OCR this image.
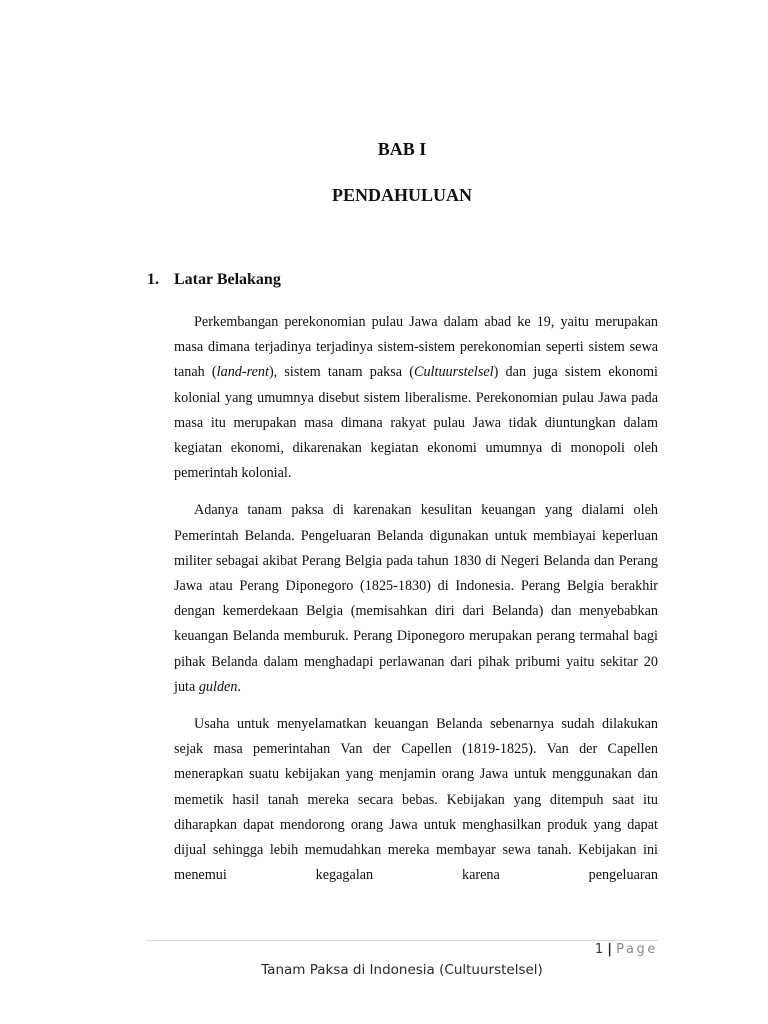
BAB I
PENDAHULUAN
1. Latar Belakang

Perkembangan perekonomian pulau Jawa dalam abad ke 19, yaitu merupakan masa dimana terjadinya terjadinya sistem-sistem perekonomian seperti sistem sewa tanah (land-rent), sistem tanam paksa (Cultuurstelsel) dan juga sistem ekonomi kolonial yang umumnya disebut sistem liberalisme. Perekonomian pulau Jawa pada masa itu merupakan masa dimana rakyat pulau Jawa tidak diuntungkan dalam kegiatan ekonomi, dikarenakan kegiatan ekonomi umumnya di monopoli oleh pemerintah kolonial.

Adanya tanam paksa di karenakan kesulitan keuangan yang dialami oleh Pemerintah Belanda. Pengeluaran Belanda digunakan untuk membiayai keperluan militer sebagai akibat Perang Belgia pada tahun 1830 di Negeri Belanda dan Perang Jawa atau Perang Diponegoro (1825-1830) di Indonesia. Perang Belgia berakhir dengan kemerdekaan Belgia (memisahkan diri dari Belanda) dan menyebabkan keuangan Belanda memburuk. Perang Diponegoro merupakan perang termahal bagi pihak Belanda dalam menghadapi perlawanan dari pihak pribumi yaitu sekitar 20 juta gulden.

Usaha untuk menyelamatkan keuangan Belanda sebenarnya sudah dilakukan sejak masa pemerintahan Van der Capellen (1819-1825). Van der Capellen menerapkan suatu kebijakan yang menjamin orang Jawa untuk menggunakan dan memetik hasil tanah mereka secara bebas. Kebijakan yang ditempuh saat itu diharapkan dapat mendorong orang Jawa untuk menghasilkan produk yang dapat dijual sehingga lebih memudahkan mereka membayar sewa tanah. Kebijakan ini menemui kegagalan karena pengeluaran

1 | Page
Tanam Paksa di Indonesia (Cultuurstelsel)
